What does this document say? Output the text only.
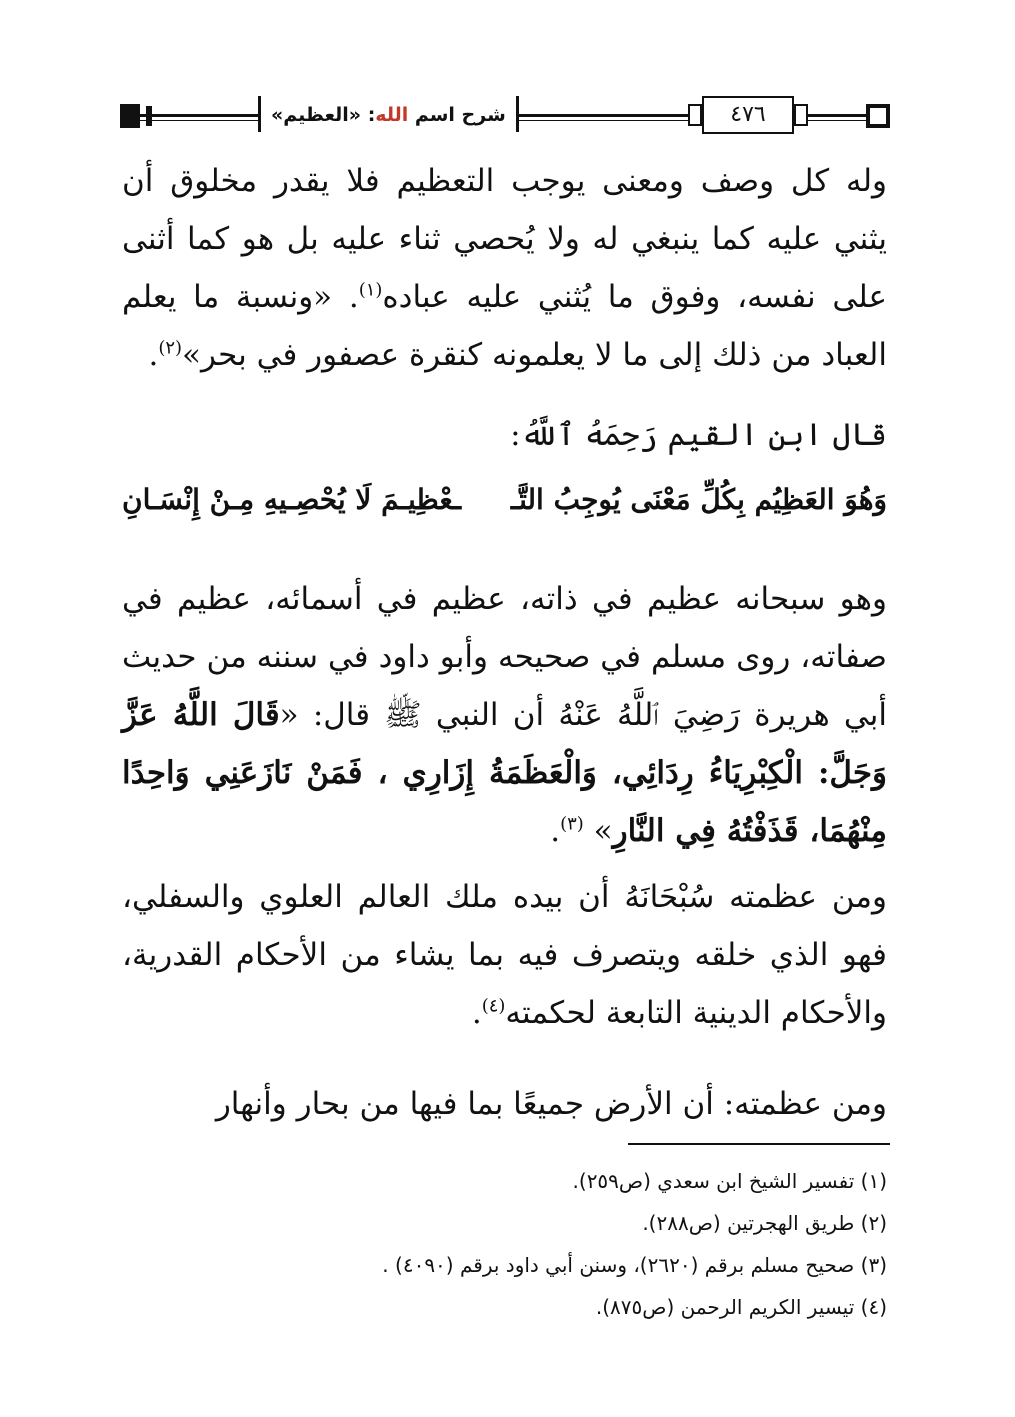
شرح اسم الله: «العظيم»	٤٧٦
وله كل وصف ومعنى يوجب التعظيم فلا يقدر مخلوق أن يثني عليه كما ينبغي له ولا يُحصي ثناء عليه بل هو كما أثنى على نفسه، وفوق ما يُثني عليه عباده$^{(١)}$. «ونسبة ما يعلم العباد من ذلك إلى ما لا يعلمونه كنقرة عصفور في بحر»$^{(٢)}$.
قال ابن القيم رَحِمَهُ ٱللَّهُ:
وَهُوَ العَظِيُم بِكُلِّ مَعْنَى يُوجِبُ التَّـ
ـعْظِيـمَ لَا يُحْصِـيهِ مِـنْ إِنْسَـانِ
وهو سبحانه عظيم في ذاته، عظيم في أسمائه، عظيم في صفاته، روى مسلم في صحيحه وأبو داود في سننه من حديث أبي هريرة رَضِيَ ٱللَّهُ عَنْهُ أن النبي ﷺ قال: «قَالَ اللَّهُ عَزَّ وَجَلَّ: الْكِبْرِيَاءُ رِدَائِي، وَالْعَظَمَةُ إِزَارِي ، فَمَنْ نَازَعَنِي وَاحِدًا مِنْهُمَا، قَذَفْتُهُ فِي النَّارِ» $^{(٣)}$.
ومن عظمته سُبْحَانَهُ أن بيده ملك العالم العلوي والسفلي، فهو الذي خلقه ويتصرف فيه بما يشاء من الأحكام القدرية، والأحكام الدينية التابعة لحكمته$^{(٤)}$.
ومن عظمته: أن الأرض جميعًا بما فيها من بحار وأنهار
(١) تفسير الشيخ ابن سعدي (ص٢٥٩).
(٢) طريق الهجرتين (ص٢٨٨).
(٣) صحيح مسلم برقم (٢٦٢٠)، وسنن أبي داود برقم (٤٠٩٠) .
(٤) تيسير الكريم الرحمن (ص٨٧٥).
